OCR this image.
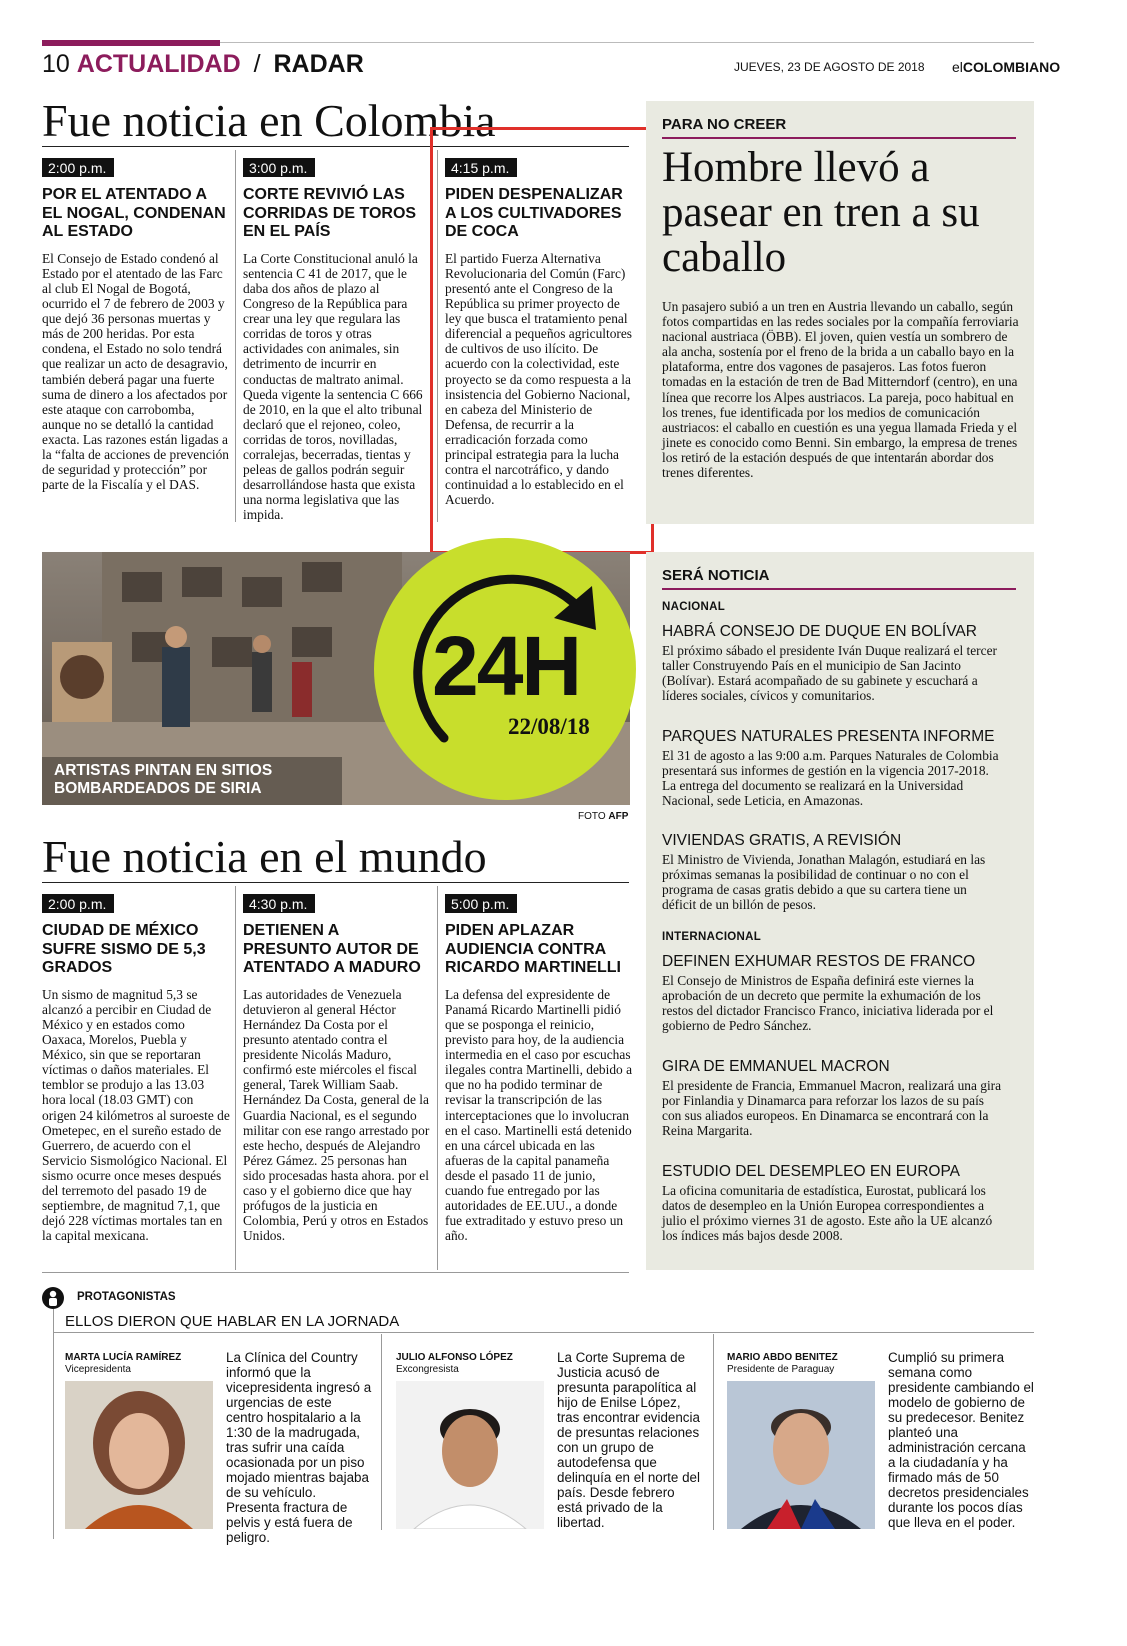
10 ACTUALIDAD / RADAR	JUEVES, 23 DE AGOSTO DE 2018 elCOLOMBIANO
Fue noticia en Colombia
2:00 p.m.
POR EL ATENTADO A EL NOGAL, CONDENAN AL ESTADO
El Consejo de Estado condenó al Estado por el atentado de las Farc al club El Nogal de Bogotá, ocurrido el 7 de febrero de 2003 y que dejó 36 personas muertas y más de 200 heridas. Por esta condena, el Estado no solo tendrá que realizar un acto de desagravio, también deberá pagar una fuerte suma de dinero a los afectados por este ataque con carrobomba, aunque no se detalló la cantidad exacta. Las razones están ligadas a la “falta de acciones de prevención de seguridad y protección” por parte de la Fiscalía y el DAS.
3:00 p.m.
CORTE REVIVIÓ LAS CORRIDAS DE TOROS EN EL PAÍS
La Corte Constitucional anuló la sentencia C 41 de 2017, que le daba dos años de plazo al Congreso de la República para crear una ley que regulara las corridas de toros y otras actividades con animales, sin detrimento de incurrir en conductas de maltrato animal. Queda vigente la sentencia C 666 de 2010, en la que el alto tribunal declaró que el rejoneo, coleo, corridas de toros, novilladas, corralejas, becerradas, tientas y peleas de gallos podrán seguir desarrollándose hasta que exista una norma legislativa que las impida.
4:15 p.m.
PIDEN DESPENALIZAR A LOS CULTIVADORES DE COCA
El partido Fuerza Alternativa Revolucionaria del Común (Farc) presentó ante el Congreso de la República su primer proyecto de ley que busca el tratamiento penal diferencial a pequeños agricultores de cultivos de uso ilícito. De acuerdo con la colectividad, este proyecto se da como respuesta a la insistencia del Gobierno Nacional, en cabeza del Ministerio de Defensa, de recurrir a la erradicación forzada como principal estrategia para la lucha contra el narcotráfico, y dando continuidad a lo establecido en el Acuerdo.
PARA NO CREER
Hombre llevó a pasear en tren a su caballo
Un pasajero subió a un tren en Austria llevando un caballo, según fotos compartidas en las redes sociales por la compañía ferroviaria nacional austriaca (ÖBB). El joven, quien vestía un sombrero de ala ancha, sostenía por el freno de la brida a un caballo bayo en la plataforma, entre dos vagones de pasajeros. Las fotos fueron tomadas en la estación de tren de Bad Mitterndorf (centro), en una línea que recorre los Alpes austriacos. La pareja, poco habitual en los trenes, fue identificada por los medios de comunicación austriacos: el caballo en cuestión es una yegua llamada Frieda y el jinete es conocido como Benni. Sin embargo, la empresa de trenes los retiró de la estación después de que intentarán abordar dos trenes diferentes.
ARTISTAS PINTAN EN SITIOS
BOMBARDEADOS DE SIRIA
24H
22/08/18
FOTO AFP
Fue noticia en el mundo
2:00 p.m.
CIUDAD DE MÉXICO SUFRE SISMO DE 5,3 GRADOS
Un sismo de magnitud 5,3 se alcanzó a percibir en Ciudad de México y en estados como Oaxaca, Morelos, Puebla y México, sin que se reportaran víctimas o daños materiales. El temblor se produjo a las 13.03 hora local (18.03 GMT) con origen 24 kilómetros al suroeste de Ometepec, en el sureño estado de Guerrero, de acuerdo con el Servicio Sismológico Nacional. El sismo ocurre once meses después del terremoto del pasado 19 de septiembre, de magnitud 7,1, que dejó 228 víctimas mortales tan en la capital mexicana.
4:30 p.m.
DETIENEN A PRESUNTO AUTOR DE ATENTADO A MADURO
Las autoridades de Venezuela detuvieron al general Héctor Hernández Da Costa por el presunto atentado contra el presidente Nicolás Maduro, confirmó este miércoles el fiscal general, Tarek William Saab. Hernández Da Costa, general de la Guardia Nacional, es el segundo militar con ese rango arrestado por este hecho, después de Alejandro Pérez Gámez. 25 personas han sido procesadas hasta ahora. por el caso y el gobierno dice que hay prófugos de la justicia en Colombia, Perú y otros en Estados Unidos.
5:00 p.m.
PIDEN APLAZAR AUDIENCIA CONTRA RICARDO MARTINELLI
La defensa del expresidente de Panamá Ricardo Martinelli pidió que se posponga el reinicio, previsto para hoy, de la audiencia intermedia en el caso por escuchas ilegales contra Martinelli, debido a que no ha podido terminar de revisar la transcripción de las interceptaciones que lo involucran en el caso. Martinelli está detenido en una cárcel ubicada en las afueras de la capital panameña desde el pasado 11 de junio, cuando fue entregado por las autoridades de EE.UU., a donde fue extraditado y estuvo preso un año.
SERÁ NOTICIA
NACIONAL
HABRÁ CONSEJO DE DUQUE EN BOLÍVAR
El próximo sábado el presidente Iván Duque realizará el tercer taller Construyendo País en el municipio de San Jacinto (Bolívar). Estará acompañado de su gabinete y escuchará a líderes sociales, cívicos y comunitarios.
PARQUES NATURALES PRESENTA INFORME
El 31 de agosto a las 9:00 a.m. Parques Naturales de Colombia presentará sus informes de gestión en la vigencia 2017-2018. La entrega del documento se realizará en la Universidad Nacional, sede Leticia, en Amazonas.
VIVIENDAS GRATIS, A REVISIÓN
El Ministro de Vivienda, Jonathan Malagón, estudiará en las próximas semanas la posibilidad de continuar o no con el programa de casas gratis debido a que su cartera tiene un déficit de un billón de pesos.
INTERNACIONAL
DEFINEN EXHUMAR RESTOS DE FRANCO
El Consejo de Ministros de España definirá este viernes la aprobación de un decreto que permite la exhumación de los restos del dictador Francisco Franco, iniciativa liderada por el gobierno de Pedro Sánchez.
GIRA DE EMMANUEL MACRON
El presidente de Francia, Emmanuel Macron, realizará una gira por Finlandia y Dinamarca para reforzar los lazos de su país con sus aliados europeos. En Dinamarca se encontrará con la Reina Margarita.
ESTUDIO DEL DESEMPLEO EN EUROPA
La oficina comunitaria de estadística, Eurostat, publicará los datos de desempleo en la Unión Europea correspondientes a julio el próximo viernes 31 de agosto. Este año la UE alcanzó los índices más bajos desde 2008.
PROTAGONISTAS
ELLOS DIERON QUE HABLAR EN LA JORNADA
MARTA LUCÍA RAMÍREZ
Vicepresidenta
La Clínica del Country informó que la vicepresidenta ingresó a urgencias de este centro hospitalario a la 1:30 de la madrugada, tras sufrir una caída ocasionada por un piso mojado mientras bajaba de su vehículo. Presenta fractura de pelvis y está fuera de peligro.
JULIO ALFONSO LÓPEZ
Excongresista
La Corte Suprema de Justicia acusó de presunta parapolítica al hijo de Enilse López, tras encontrar evidencia de presuntas relaciones con un grupo de autodefensa que delinquía en el norte del país. Desde febrero está privado de la libertad.
MARIO ABDO BENITEZ
Presidente de Paraguay
Cumplió su primera semana como presidente cambiando el modelo de gobierno de su predecesor. Benitez planteó una administración cercana a la ciudadanía y ha firmado más de 50 decretos presidenciales durante los pocos días que lleva en el poder.
